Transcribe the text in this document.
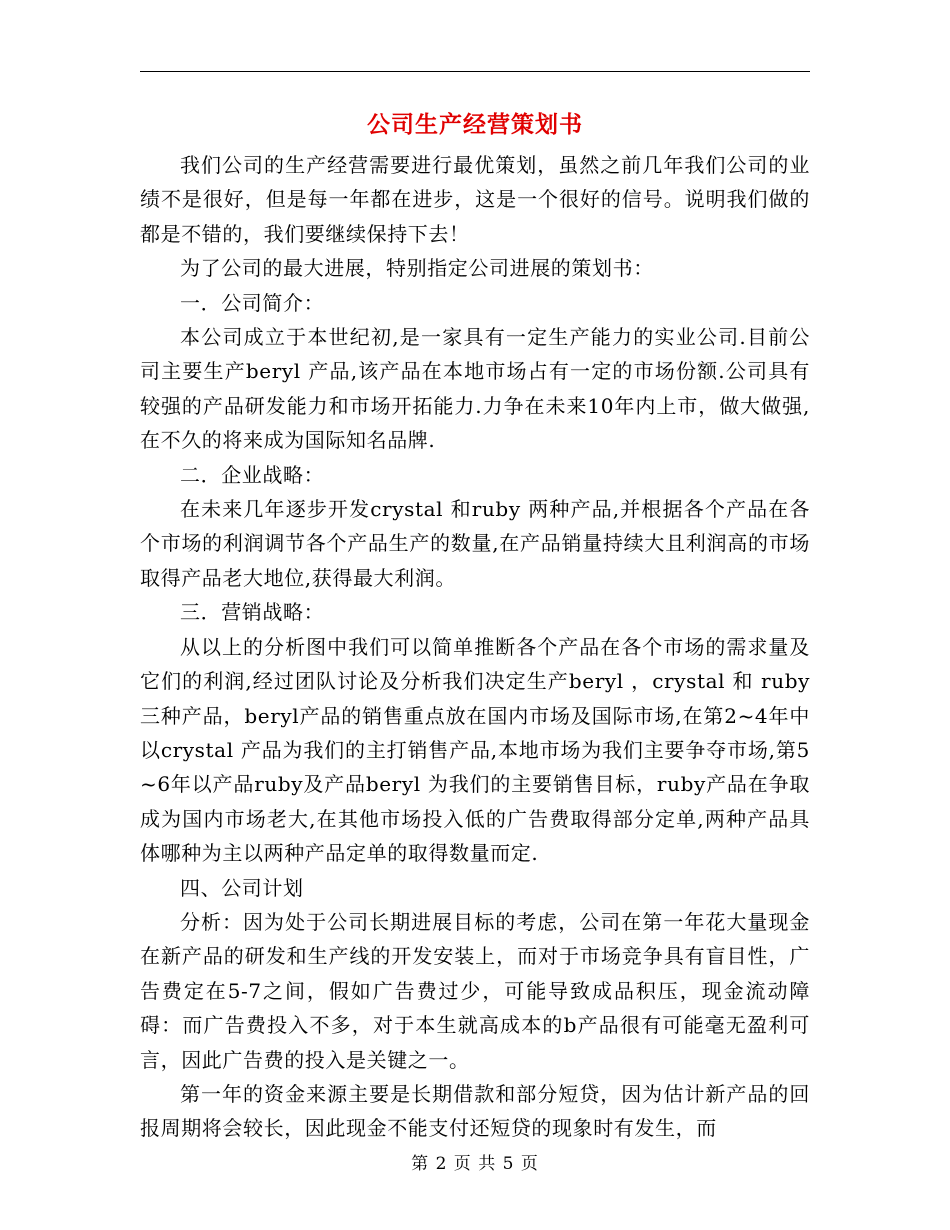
公司生产经营策划书

我们公司的生产经营需要进行最优策划，虽然之前几年我们公司的业绩不是很好，但是每一年都在进步，这是一个很好的信号。说明我们做的都是不错的，我们要继续保持下去！

为了公司的最大进展，特别指定公司进展的策划书：

一．公司简介：

本公司成立于本世纪初,是一家具有一定生产能力的实业公司.目前公司主要生产beryl 产品,该产品在本地市场占有一定的市场份额.公司具有较强的产品研发能力和市场开拓能力.力争在未来10年内上市，做大做强,在不久的将来成为国际知名品牌.

二．企业战略：

在未来几年逐步开发crystal 和ruby 两种产品,并根据各个产品在各个市场的利润调节各个产品生产的数量,在产品销量持续大且利润高的市场取得产品老大地位,获得最大利润。

三．营销战略：

从以上的分析图中我们可以简单推断各个产品在各个市场的需求量及它们的利润,经过团队讨论及分析我们决定生产beryl ，crystal 和 ruby 三种产品，beryl产品的销售重点放在国内市场及国际市场,在第2~4年中以crystal 产品为我们的主打销售产品,本地市场为我们主要争夺市场,第5~6年以产品ruby及产品beryl 为我们的主要销售目标，ruby产品在争取成为国内市场老大,在其他市场投入低的广告费取得部分定单,两种产品具体哪种为主以两种产品定单的取得数量而定.

四、公司计划

分析：因为处于公司长期进展目标的考虑，公司在第一年花大量现金在新产品的研发和生产线的开发安装上，而对于市场竞争具有盲目性，广告费定在5-7之间，假如广告费过少，可能导致成品积压，现金流动障碍：而广告费投入不多，对于本生就高成本的b产品很有可能毫无盈利可言，因此广告费的投入是关键之一。

第一年的资金来源主要是长期借款和部分短贷，因为估计新产品的回报周期将会较长，因此现金不能支付还短贷的现象时有发生，而

第 2 页 共 5 页
